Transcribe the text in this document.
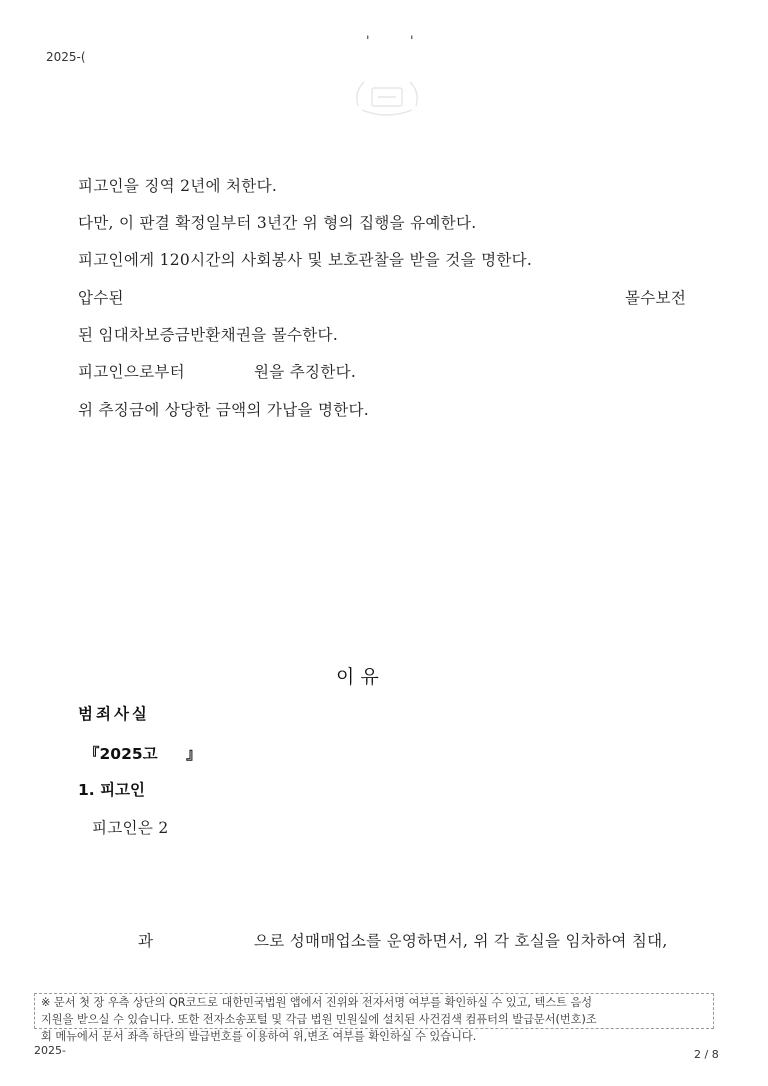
2025-(
'	'
피고인을 징역 2년에 처한다.
다만, 이 판결 확정일부터 3년간 위 형의 집행을 유예한다.
피고인에게 120시간의 사회봉사 및 보호관찰을 받을 것을 명한다.
압수된	몰수보전
된 임대차보증금반환채권을 몰수한다.
피고인으로부터	원을 추징한다.
위 추징금에 상당한 금액의 가납을 명한다.
이 유
범죄사실
『2025고 』
1. 피고인
피고인은 2
과	으로 성매매업소를 운영하면서, 위 각 호실을 임차하여 침대,
※ 문서 첫 장 우측 상단의 QR코드로 대한민국법원 앱에서 진위와 전자서명 여부를 확인하실 수 있고, 텍스트 음성
지원을 받으실 수 있습니다. 또한 전자소송포털 및 각급 법원 민원실에 설치된 사건검색 컴퓨터의 발급문서(번호)조
회 메뉴에서 문서 좌측 하단의 발급번호를 이용하여 위,변조 여부를 확인하실 수 있습니다.
2025-	2 / 8
